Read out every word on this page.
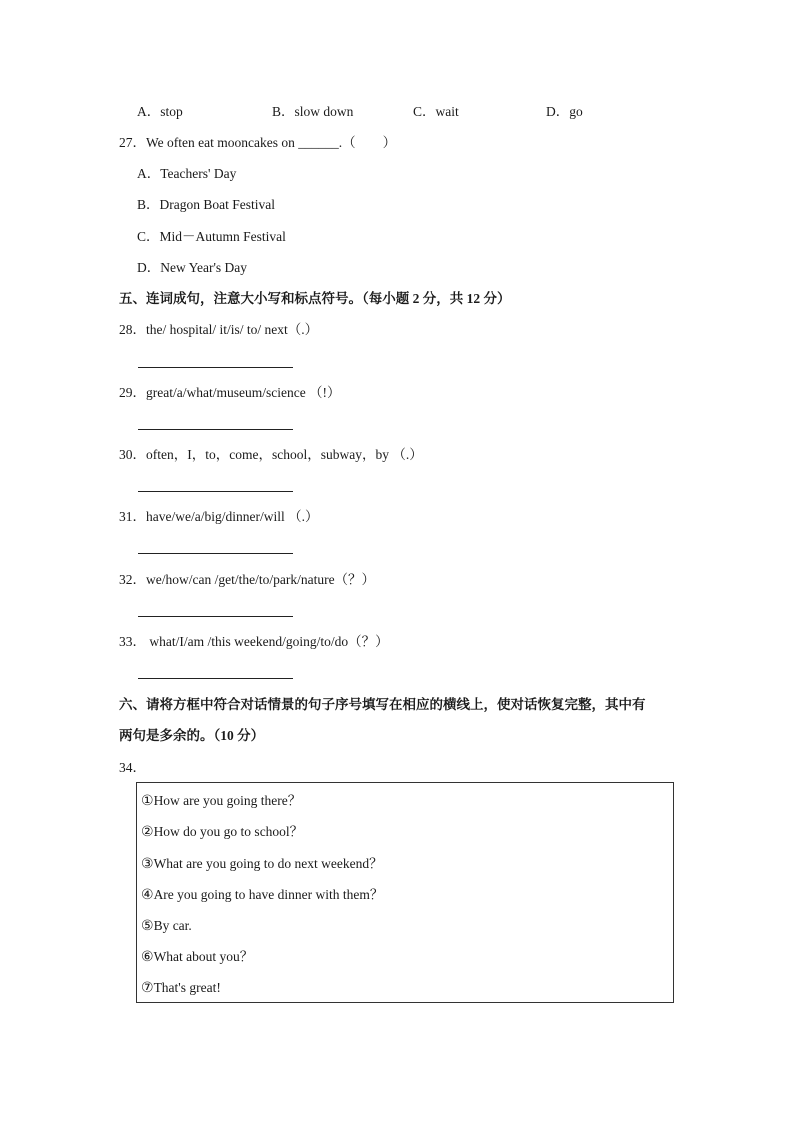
A．stop	B．slow down	C．wait	D．go
27．We often eat mooncakes on ______.（　　）
A．Teachers' Day
B．Dragon Boat Festival
C．Mid－Autumn Festival
D．New Year's Day
五、连词成句，注意大小写和标点符号。（每小题 2 分，共 12 分）
28．the/ hospital/ it/is/ to/ next（.）
29．great/a/what/museum/science （!）
30．often，I，to，come，school，subway，by （.）
31．have/we/a/big/dinner/will （.）
32．we/how/can /get/the/to/park/nature（？）
33． what/I/am /this weekend/going/to/do（？）
六、请将方框中符合对话情景的句子序号填写在相应的横线上，使对话恢复完整，其中有
两句是多余的。（10 分）
34．
①How are you going there？
②How do you go to school？
③What are you going to do next weekend？
④Are you going to have dinner with them？
⑤By car.
⑥What about you？
⑦That's great!
